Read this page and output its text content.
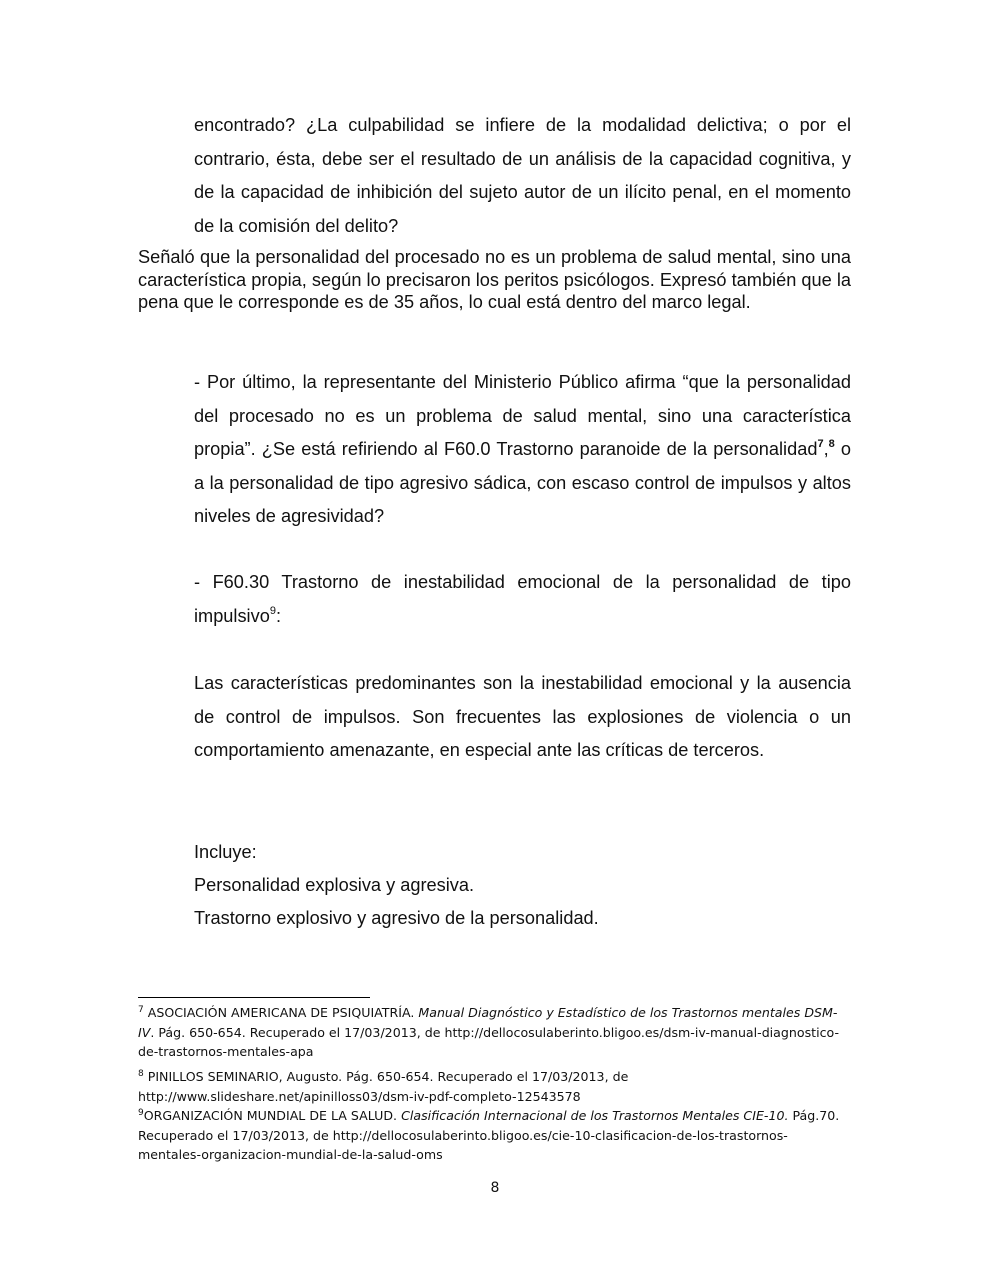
encontrado? ¿La culpabilidad se infiere de la modalidad delictiva; o por el contrario, ésta, debe ser el resultado de un análisis de la capacidad cognitiva, y de la capacidad de inhibición del sujeto autor de un ilícito penal, en el momento de la comisión del delito?

Señaló que la personalidad del procesado no es un problema de salud mental, sino una característica propia, según lo precisaron los peritos psicólogos. Expresó también que la pena que le corresponde es de 35 años, lo cual está dentro del marco legal.

- Por último, la representante del Ministerio Público afirma “que la personalidad del procesado no es un problema de salud mental, sino una característica propia”. ¿Se está refiriendo al F60.0 Trastorno paranoide de la personalidad$^7$,$^8$ o a la personalidad de tipo agresivo sádica, con escaso control de impulsos y altos niveles de agresividad?

- F60.30 Trastorno de inestabilidad emocional de la personalidad de tipo impulsivo$^9$:

Las características predominantes son la inestabilidad emocional y la ausencia de control de impulsos. Son frecuentes las explosiones de violencia o un comportamiento amenazante, en especial ante las críticas de terceros.

Incluye:
Personalidad explosiva y agresiva.
Trastorno explosivo y agresivo de la personalidad.
$^7$ ASOCIACIÓN AMERICANA DE PSIQUIATRÍA. Manual Diagnóstico y Estadístico de los Trastornos mentales DSM-IV. Pág. 650-654. Recuperado el 17/03/2013, de http://dellocosulaberinto.bligoo.es/dsm-iv-manual-diagnostico-de-trastornos-mentales-apa
$^8$ PINILLOS SEMINARIO, Augusto. Pág. 650-654. Recuperado el 17/03/2013, de http://www.slideshare.net/apinilloss03/dsm-iv-pdf-completo-12543578
$^9$ORGANIZACIÓN MUNDIAL DE LA SALUD. Clasificación Internacional de los Trastornos Mentales CIE-10. Pág.70. Recuperado el 17/03/2013, de http://dellocosulaberinto.bligoo.es/cie-10-clasificacion-de-los-trastornos-mentales-organizacion-mundial-de-la-salud-oms
8
